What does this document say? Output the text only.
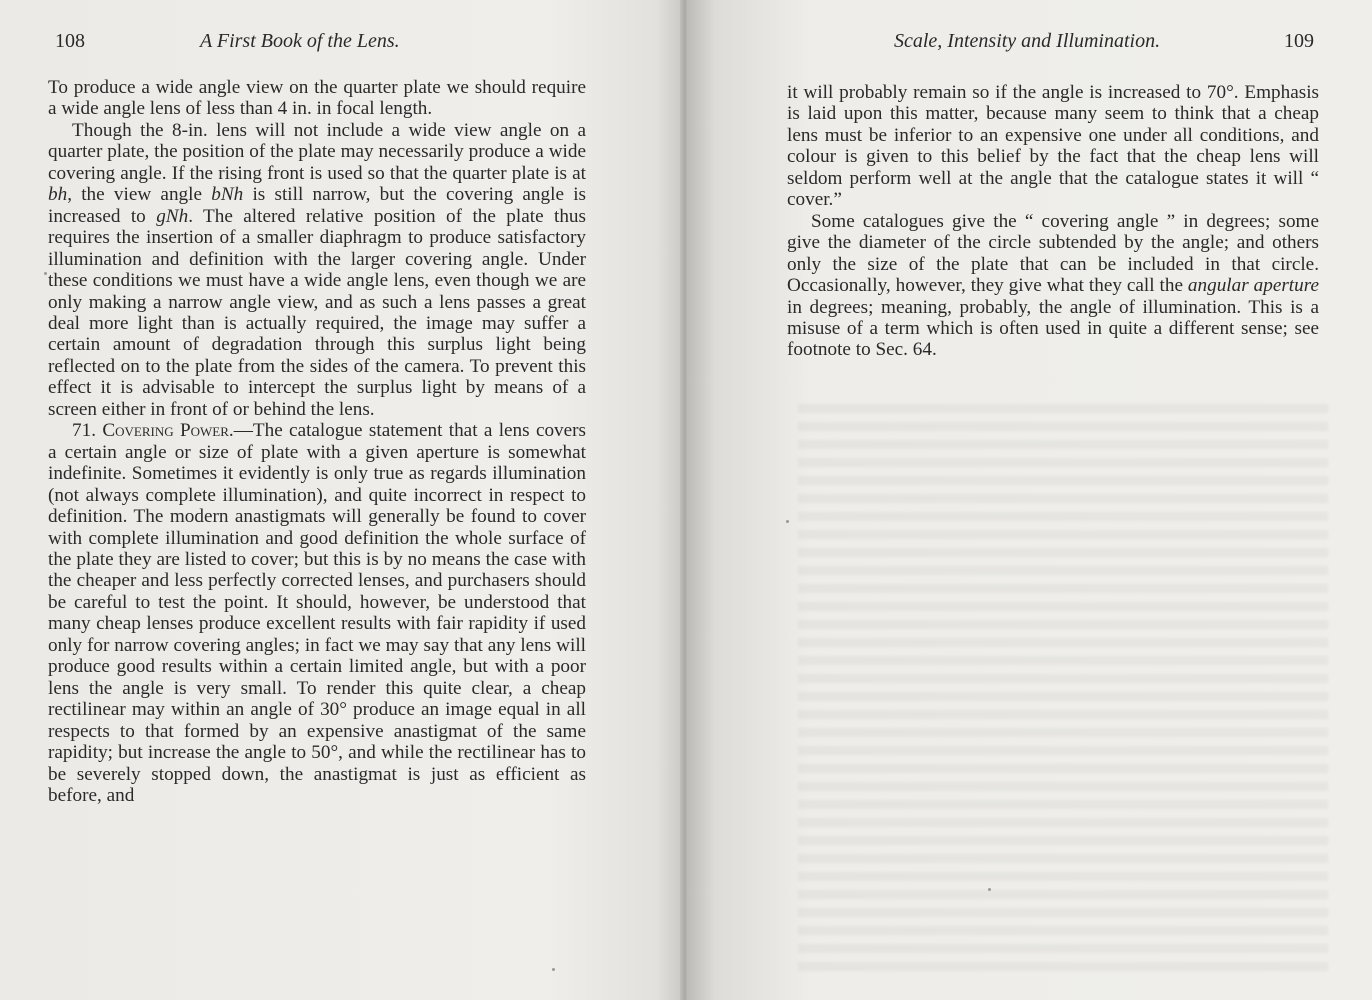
108	A First Book of the Lens.

To produce a wide angle view on the quarter plate we should require a wide angle lens of less than 4 in. in focal length.

Though the 8-in. lens will not include a wide view angle on a quarter plate, the position of the plate may necessarily produce a wide covering angle. If the rising front is used so that the quarter plate is at bh, the view angle bNh is still narrow, but the covering angle is increased to gNh. The altered relative position of the plate thus requires the insertion of a smaller diaphragm to produce satisfactory illumination and definition with the larger covering angle. Under these conditions we must have a wide angle lens, even though we are only making a narrow angle view, and as such a lens passes a great deal more light than is actually required, the image may suffer a certain amount of degradation through this surplus light being reflected on to the plate from the sides of the camera. To prevent this effect it is advisable to intercept the surplus light by means of a screen either in front of or behind the lens.

71. Covering Power.—The catalogue statement that a lens covers a certain angle or size of plate with a given aperture is somewhat indefinite. Sometimes it evidently is only true as regards illumination (not always complete illumination), and quite incorrect in respect to definition. The modern anastigmats will generally be found to cover with complete illumination and good definition the whole surface of the plate they are listed to cover; but this is by no means the case with the cheaper and less perfectly corrected lenses, and purchasers should be careful to test the point. It should, however, be understood that many cheap lenses produce excellent results with fair rapidity if used only for narrow covering angles; in fact we may say that any lens will produce good results within a certain limited angle, but with a poor lens the angle is very small. To render this quite clear, a cheap rectilinear may within an angle of 30° produce an image equal in all respects to that formed by an expensive anastigmat of the same rapidity; but increase the angle to 50°, and while the rectilinear has to be severely stopped down, the anastigmat is just as efficient as before, and

Scale, Intensity and Illumination.	109

it will probably remain so if the angle is increased to 70°. Emphasis is laid upon this matter, because many seem to think that a cheap lens must be inferior to an expensive one under all conditions, and colour is given to this belief by the fact that the cheap lens will seldom perform well at the angle that the catalogue states it will “ cover.”

Some catalogues give the “ covering angle ” in degrees; some give the diameter of the circle subtended by the angle; and others only the size of the plate that can be included in that circle. Occasionally, however, they give what they call the angular aperture in degrees; meaning, probably, the angle of illumination. This is a misuse of a term which is often used in quite a different sense; see footnote to Sec. 64.
